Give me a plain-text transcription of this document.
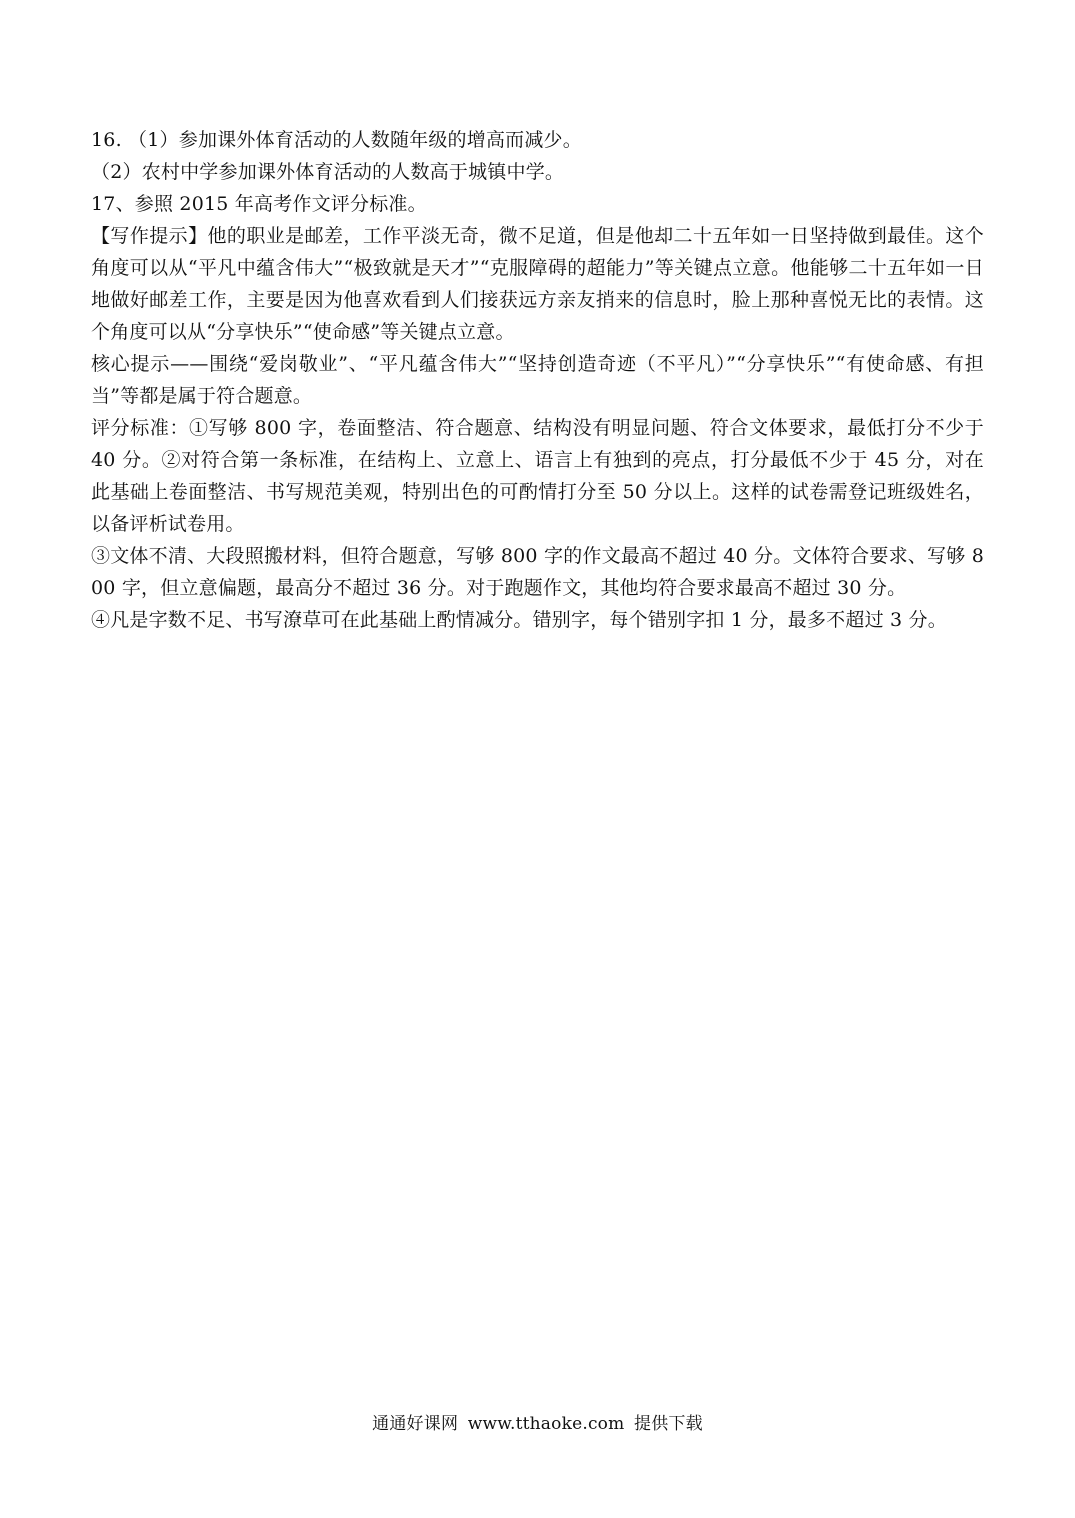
16. （1）参加课外体育活动的人数随年级的增高而减少。

（2）农村中学参加课外体育活动的人数高于城镇中学。

17、参照 2015 年高考作文评分标准。

【写作提示】他的职业是邮差，工作平淡无奇，微不足道，但是他却二十五年如一日坚持做到最佳。这个角度可以从“平凡中蕴含伟大”“极致就是天才”“克服障碍的超能力”等关键点立意。他能够二十五年如一日地做好邮差工作，主要是因为他喜欢看到人们接获远方亲友捎来的信息时，脸上那种喜悦无比的表情。这个角度可以从“分享快乐”“使命感”等关键点立意。

核心提示——围绕“爱岗敬业”、“平凡蕴含伟大”“坚持创造奇迹（不平凡）”“分享快乐”“有使命感、有担当”等都是属于符合题意。

评分标准：①写够 800 字，卷面整洁、符合题意、结构没有明显问题、符合文体要求，最低打分不少于 40 分。②对符合第一条标准，在结构上、立意上、语言上有独到的亮点，打分最低不少于 45 分，对在此基础上卷面整洁、书写规范美观，特别出色的可酌情打分至 50 分以上。这样的试卷需登记班级姓名，以备评析试卷用。

③文体不清、大段照搬材料，但符合题意，写够 800 字的作文最高不超过 40 分。文体符合要求、写够 800 字，但立意偏题，最高分不超过 36 分。对于跑题作文，其他均符合要求最高不超过 30 分。

④凡是字数不足、书写潦草可在此基础上酌情减分。错别字，每个错别字扣 1 分，最多不超过 3 分。

通通好课网 www.tthaoke.com 提供下载
